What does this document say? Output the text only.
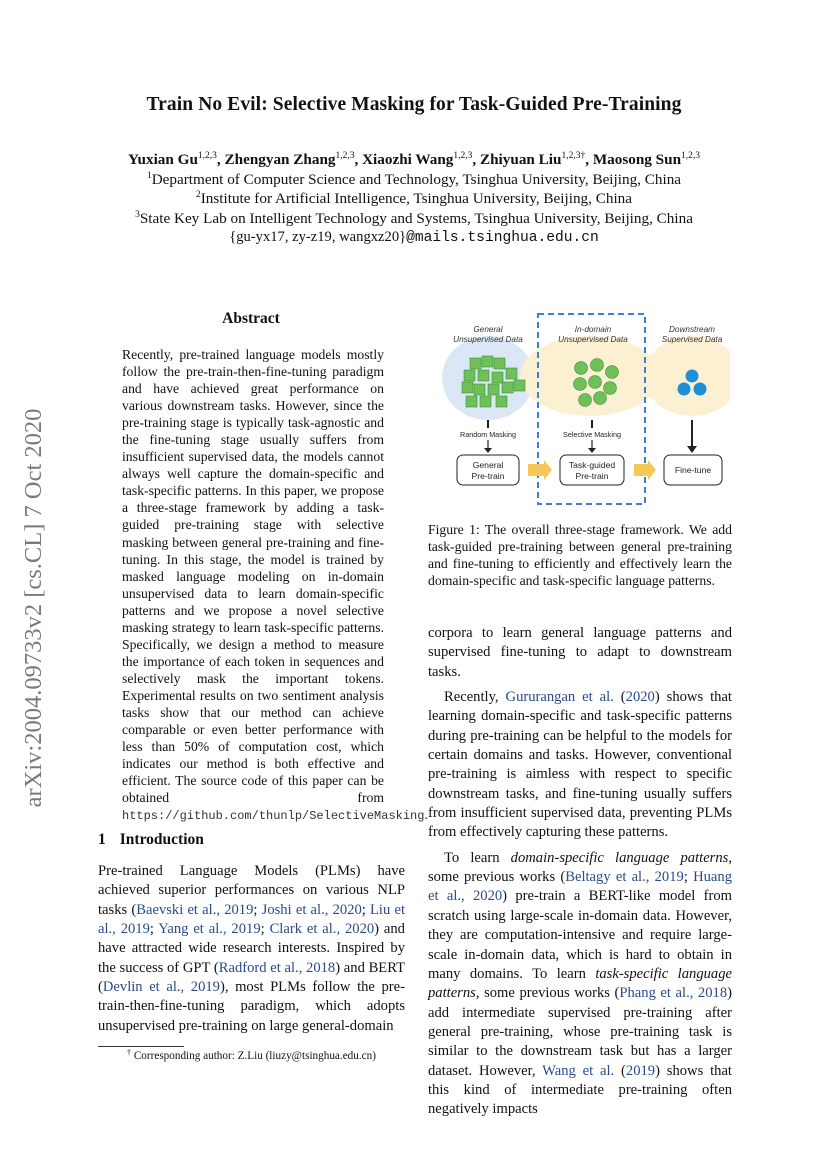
Train No Evil: Selective Masking for Task-Guided Pre-Training
Yuxian Gu$^{1,2,3}$, Zhengyan Zhang$^{1,2,3}$, Xiaozhi Wang$^{1,2,3}$, Zhiyuan Liu$^{1,2,3\dagger}$, Maosong Sun$^{1,2,3}$
$^1$Department of Computer Science and Technology, Tsinghua University, Beijing, China
$^2$Institute for Artificial Intelligence, Tsinghua University, Beijing, China
$^3$State Key Lab on Intelligent Technology and Systems, Tsinghua University, Beijing, China
{gu-yx17, zy-z19, wangxz20}@mails.tsinghua.edu.cn
arXiv:2004.09733v2 [cs.CL] 7 Oct 2020
Abstract
Recently, pre-trained language models mostly follow the pre-train-then-fine-tuning paradigm and have achieved great performance on various downstream tasks. However, since the pre-training stage is typically task-agnostic and the fine-tuning stage usually suffers from insufficient supervised data, the models cannot always well capture the domain-specific and task-specific patterns. In this paper, we propose a three-stage framework by adding a task-guided pre-training stage with selective masking between general pre-training and fine-tuning. In this stage, the model is trained by masked language modeling on in-domain unsupervised data to learn domain-specific patterns and we propose a novel selective masking strategy to learn task-specific patterns. Specifically, we design a method to measure the importance of each token in sequences and selectively mask the important tokens. Experimental results on two sentiment analysis tasks show that our method can achieve comparable or even better performance with less than 50% of computation cost, which indicates our method is both effective and efficient. The source code of this paper can be obtained from https://github.com/thunlp/SelectiveMasking.
General
Unsupervised Data
In-domain
Unsupervised Data
Downstream
Supervised Data
Random Masking	Selective Masking
General
Pre-train
Task-guided
Pre-train
Fine-tune
Figure 1: The overall three-stage framework. We add task-guided pre-training between general pre-training and fine-tuning to efficiently and effectively learn the domain-specific and task-specific language patterns.
1 Introduction

Pre-trained Language Models (PLMs) have achieved superior performances on various NLP tasks (Baevski et al., 2019; Joshi et al., 2020; Liu et al., 2019; Yang et al., 2019; Clark et al., 2020) and have attracted wide research interests. Inspired by the success of GPT (Radford et al., 2018) and BERT (Devlin et al., 2019), most PLMs follow the pre-train-then-fine-tuning paradigm, which adopts unsupervised pre-training on large general-domain

corpora to learn general language patterns and supervised fine-tuning to adapt to downstream tasks.

Recently, Gururangan et al. (2020) shows that learning domain-specific and task-specific patterns during pre-training can be helpful to the models for certain domains and tasks. However, conventional pre-training is aimless with respect to specific downstream tasks, and fine-tuning usually suffers from insufficient supervised data, preventing PLMs from effectively capturing these patterns.

To learn domain-specific language patterns, some previous works (Beltagy et al., 2019; Huang et al., 2020) pre-train a BERT-like model from scratch using large-scale in-domain data. However, they are computation-intensive and require large-scale in-domain data, which is hard to obtain in many domains. To learn task-specific language patterns, some previous works (Phang et al., 2018) add intermediate supervised pre-training after general pre-training, whose pre-training task is similar to the downstream task but has a larger dataset. However, Wang et al. (2019) shows that this kind of intermediate pre-training often negatively impacts

† Corresponding author: Z.Liu (liuzy@tsinghua.edu.cn)
